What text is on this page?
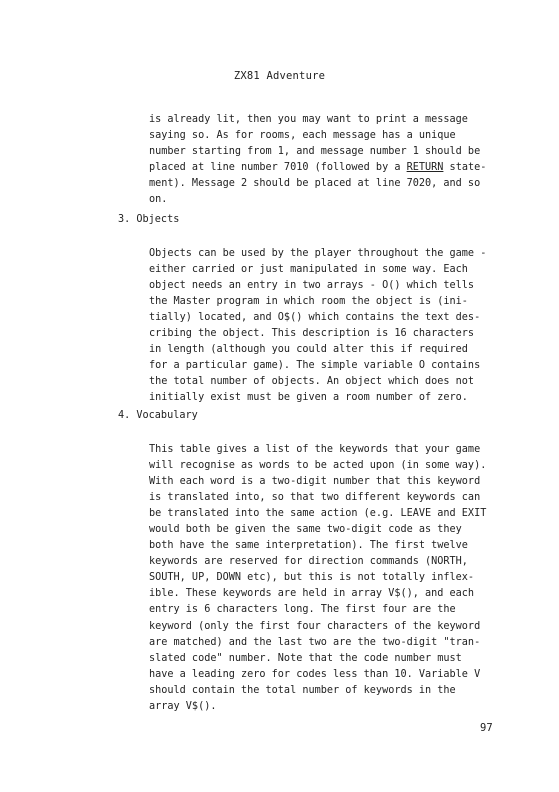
ZX81 Adventure
is already lit, then you may want to print a message
saying so. As for rooms, each message has a unique
number starting from 1, and message number 1 should be
placed at line number 7010 (followed by a RETURN state-
ment). Message 2 should be placed at line 7020, and so
on.
3. Objects
Objects can be used by the player throughout the game -
either carried or just manipulated in some way. Each
object needs an entry in two arrays - O() which tells
the Master program in which room the object is (ini-
tially) located, and O$() which contains the text des-
cribing the object. This description is 16 characters
in length (although you could alter this if required
for a particular game). The simple variable O contains
the total number of objects. An object which does not
initially exist must be given a room number of zero.
4. Vocabulary
This table gives a list of the keywords that your game
will recognise as words to be acted upon (in some way).
With each word is a two-digit number that this keyword
is translated into, so that two different keywords can
be translated into the same action (e.g. LEAVE and EXIT
would both be given the same two-digit code as they
both have the same interpretation). The first twelve
keywords are reserved for direction commands (NORTH,
SOUTH, UP, DOWN etc), but this is not totally inflex-
ible. These keywords are held in array V$(), and each
entry is 6 characters long. The first four are the
keyword (only the first four characters of the keyword
are matched) and the last two are the two-digit "tran-
slated code" number. Note that the code number must
have a leading zero for codes less than 10. Variable V
should contain the total number of keywords in the
array V$().
97
